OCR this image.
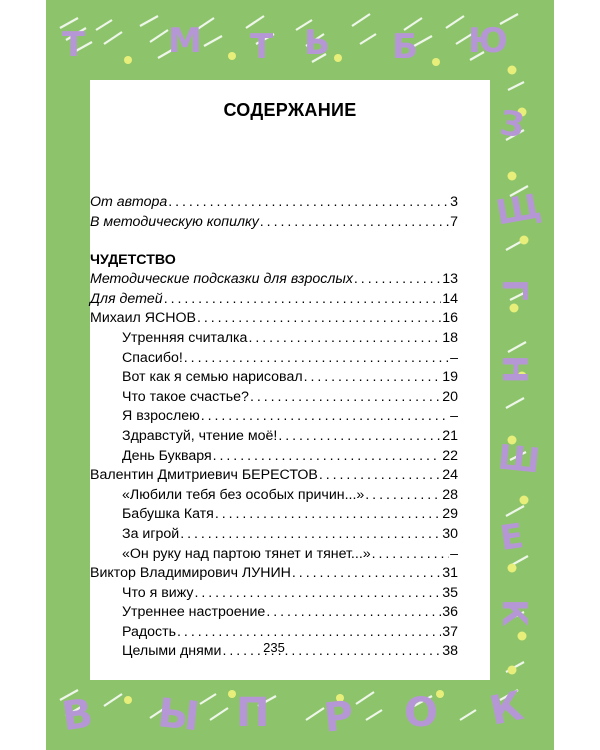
Т М Т Ь Б Ю
З
Щ
Г
Н
Ш
Е
К
В Ы П Р О К
СОДЕРЖАНИЕ
От автора . . .	3
В методическую копилку . . .	7
ЧУДЕТСТВО
Методические подсказки для взрослых . . .	13
Для детей . . .	14
Михаил ЯСНОВ . . .	16
Утренняя считалка . . .	18
Спасибо! . . .	–
Вот как я семью нарисовал . . .	19
Что такое счастье? . . .	20
Я взрослею . . .	–
Здравстуй, чтение моё! . . .	21
День Букваря . . .	22
Валентин Дмитриевич БЕРЕСТОВ . . .	24
«Любили тебя без особых причин...» . . .	28
Бабушка Катя . . .	29
За игрой . . .	30
«Он руку над партою тянет и тянет...» . . .	–
Виктор Владимирович ЛУНИН . . .	31
Что я вижу . . .	35
Утреннее настроение . . .	36
Радость . . .	37
Целыми днями . . .	38
235
